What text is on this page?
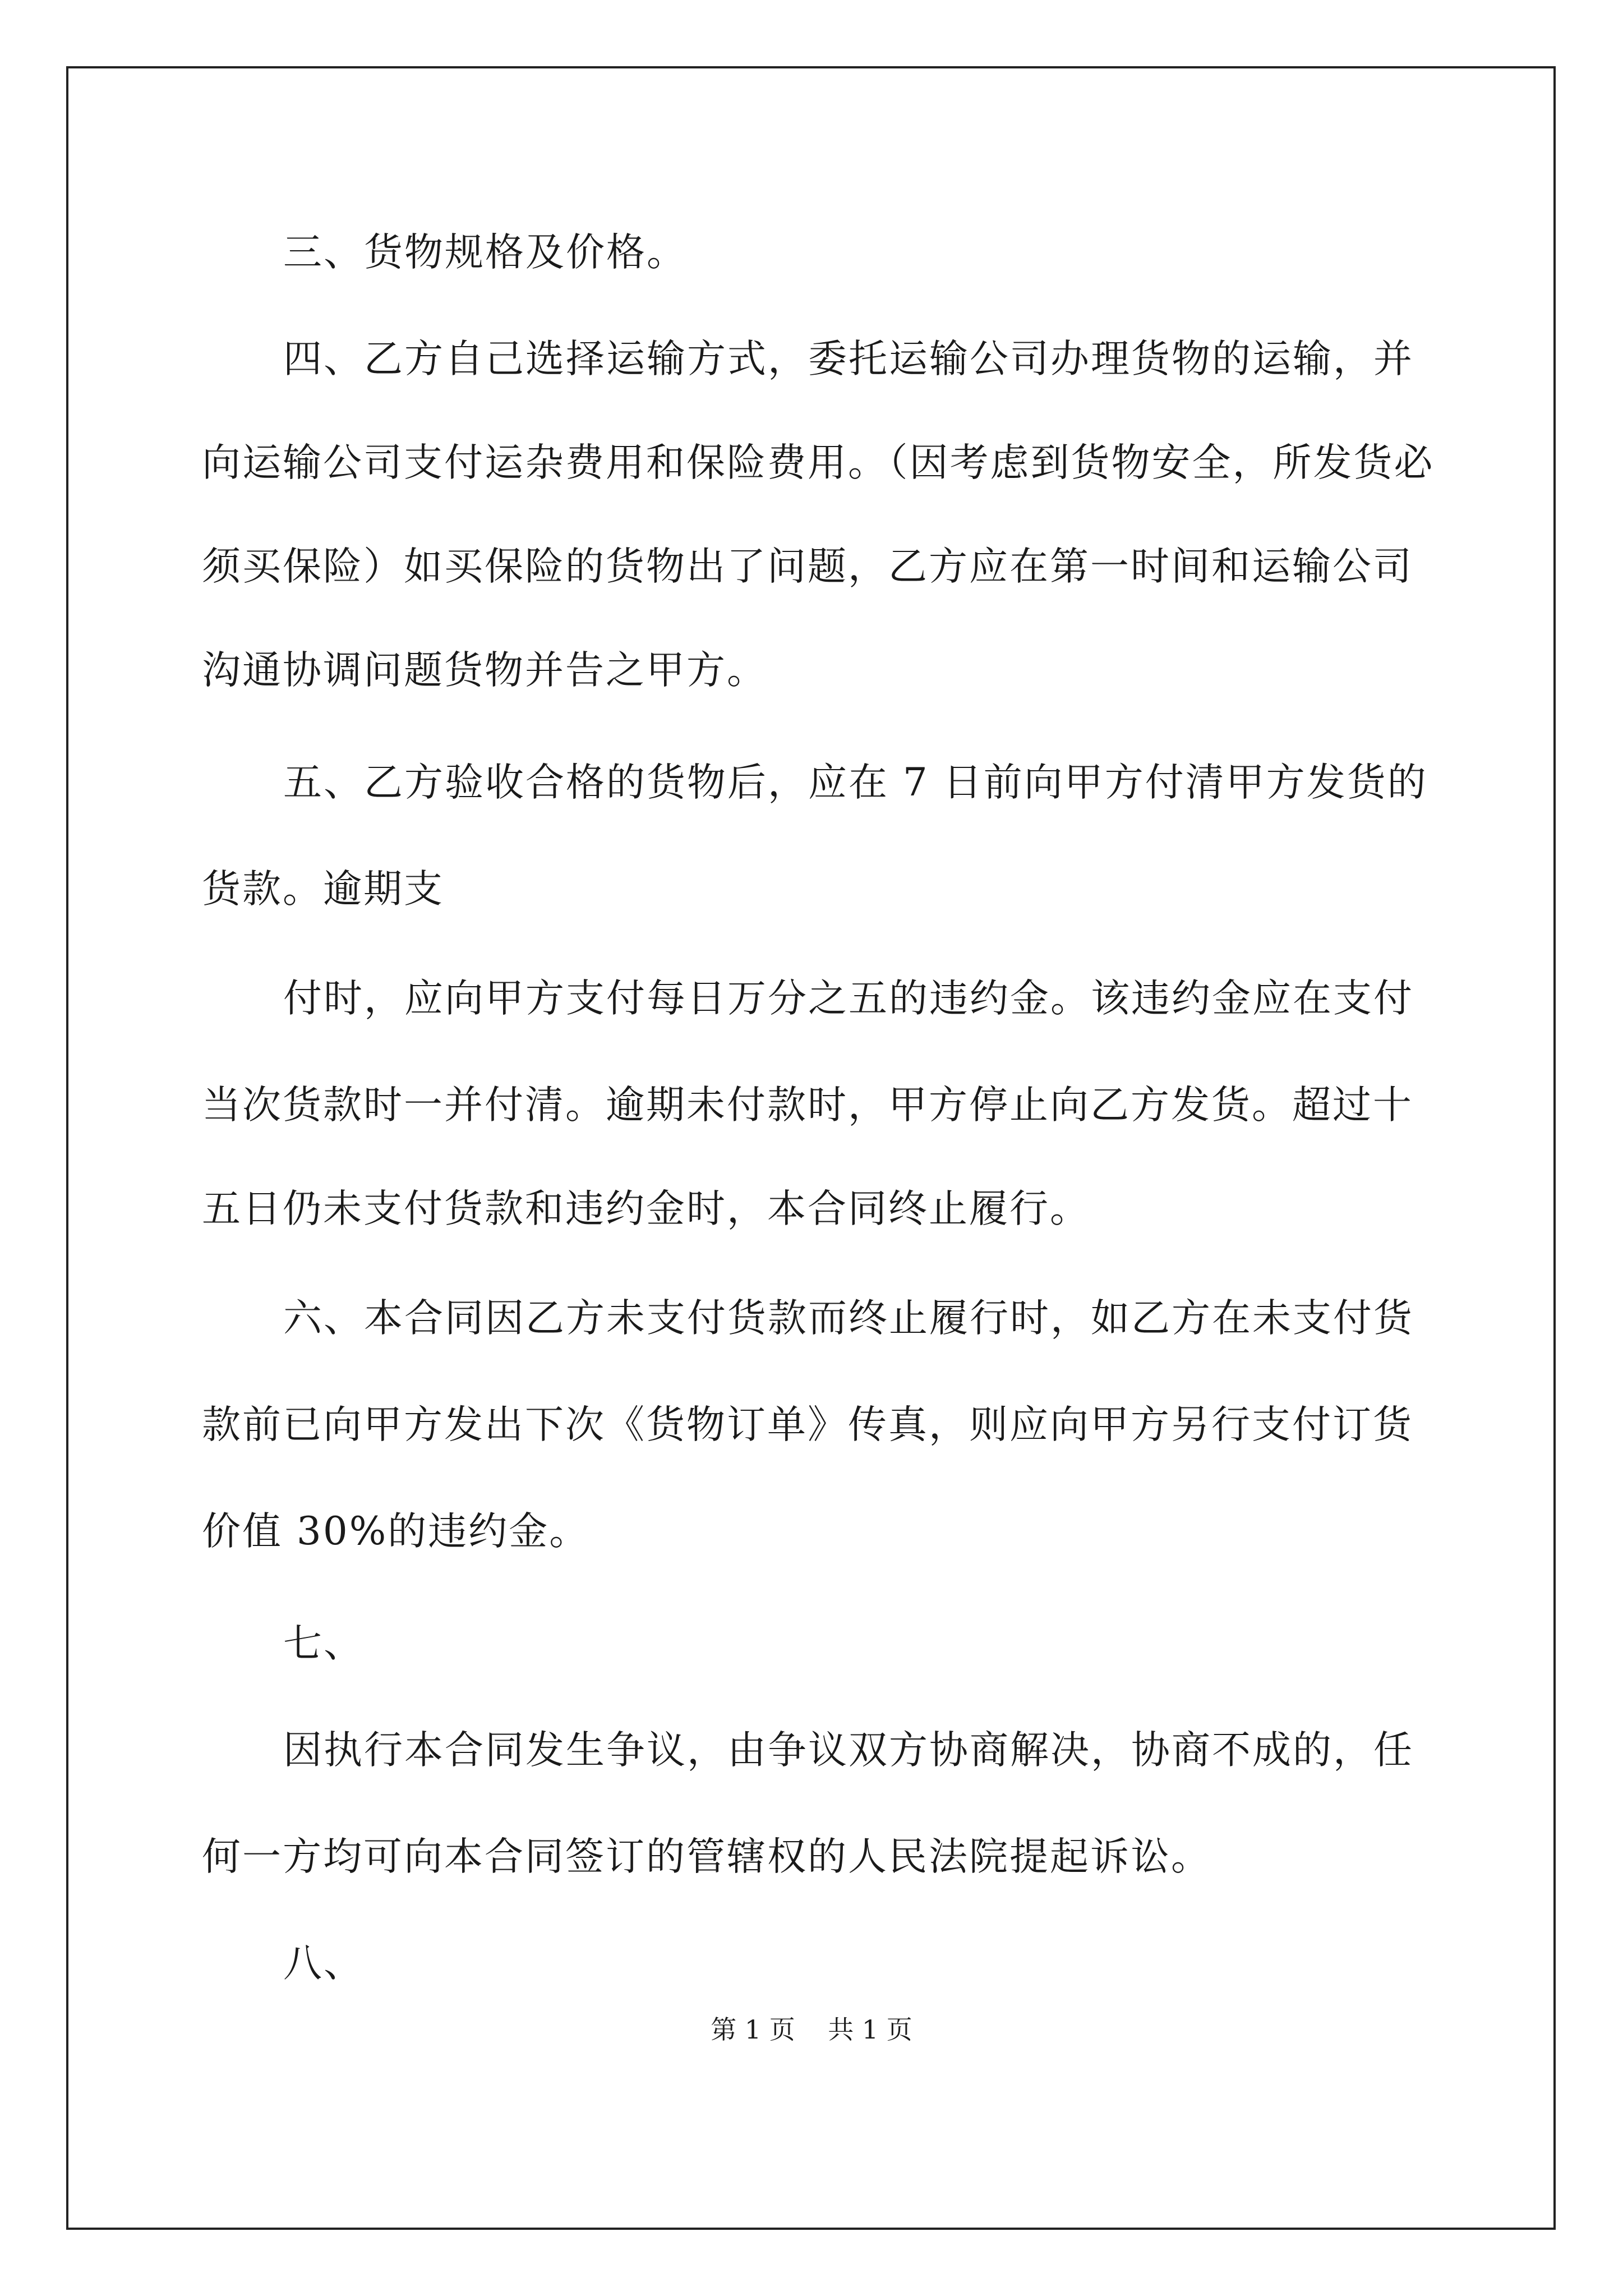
三、货物规格及价格。
四、乙方自己选择运输方式，委托运输公司办理货物的运输，并
向运输公司支付运杂费用和保险费用。（因考虑到货物安全，所发货必
须买保险）如买保险的货物出了问题，乙方应在第一时间和运输公司
沟通协调问题货物并告之甲方。
五、乙方验收合格的货物后，应在 7 日前向甲方付清甲方发货的
货款。逾期支
付时，应向甲方支付每日万分之五的违约金。该违约金应在支付
当次货款时一并付清。逾期未付款时，甲方停止向乙方发货。超过十
五日仍未支付货款和违约金时，本合同终止履行。
六、本合同因乙方未支付货款而终止履行时，如乙方在未支付货
款前已向甲方发出下次《货物订单》传真，则应向甲方另行支付订货
价值 30%的违约金。
七、
因执行本合同发生争议，由争议双方协商解决，协商不成的，任
何一方均可向本合同签订的管辖权的人民法院提起诉讼。
八、
第 1 页    共 1 页
